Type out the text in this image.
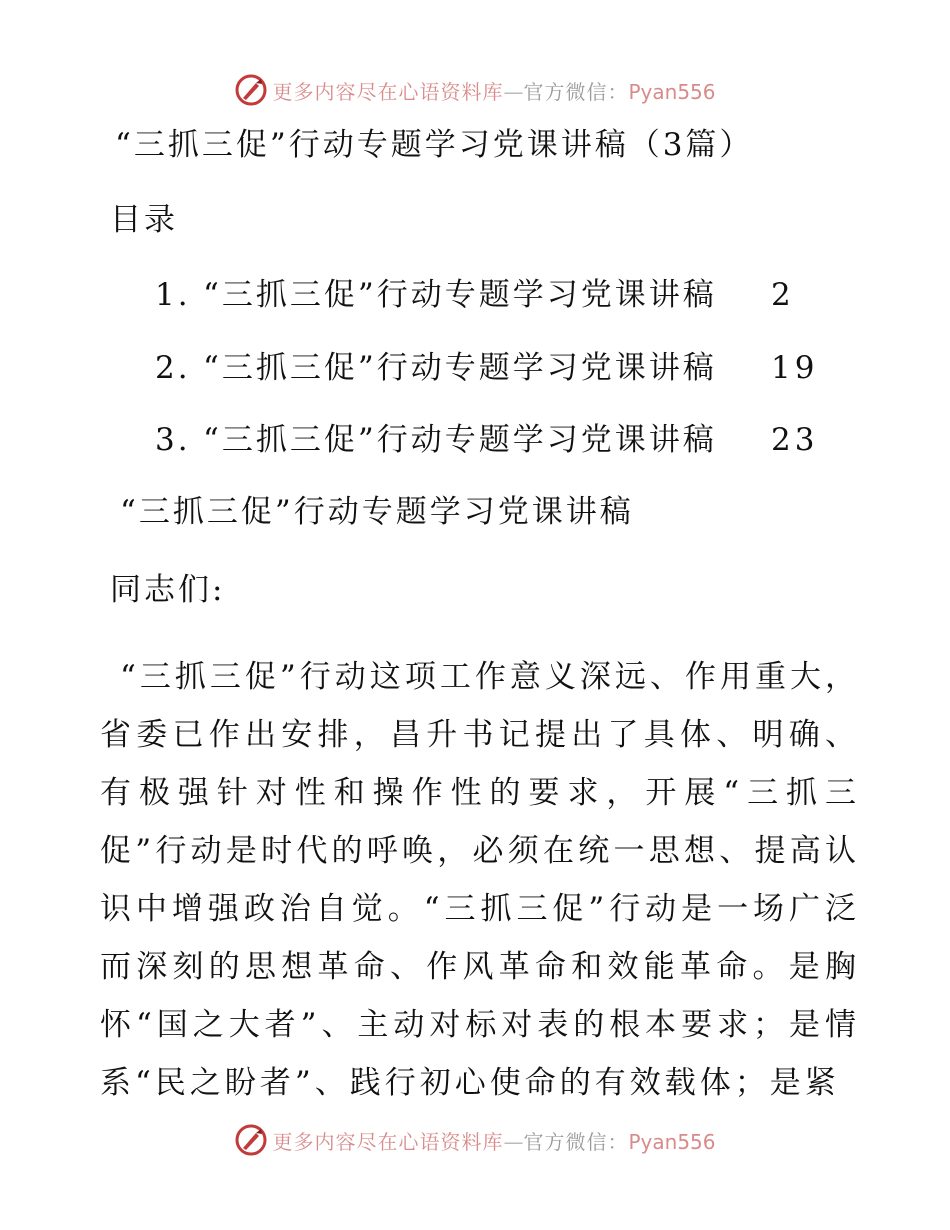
更多内容尽在心语资料库—官方微信：Pyan556
“三抓三促”行动专题学习党课讲稿（3篇）
目录
1. “三抓三促”行动专题学习党课讲稿	2
2. “三抓三促”行动专题学习党课讲稿	19
3. “三抓三促”行动专题学习党课讲稿	23
“三抓三促”行动专题学习党课讲稿
同志们:

“三抓三促”行动这项工作意义深远、作用重大，省委已作出安排，昌升书记提出了具体、明确、有极强针对性和操作性的要求，开展“三抓三促”行动是时代的呼唤，必须在统一思想、提高认识中增强政治自觉。“三抓三促”行动是一场广泛而深刻的思想革命、作风革命和效能革命。是胸怀“国之大者”、主动对标对表的根本要求；是情系“民之盼者”、践行初心使命的有效载体；是紧

更多内容尽在心语资料库—官方微信：Pyan556
